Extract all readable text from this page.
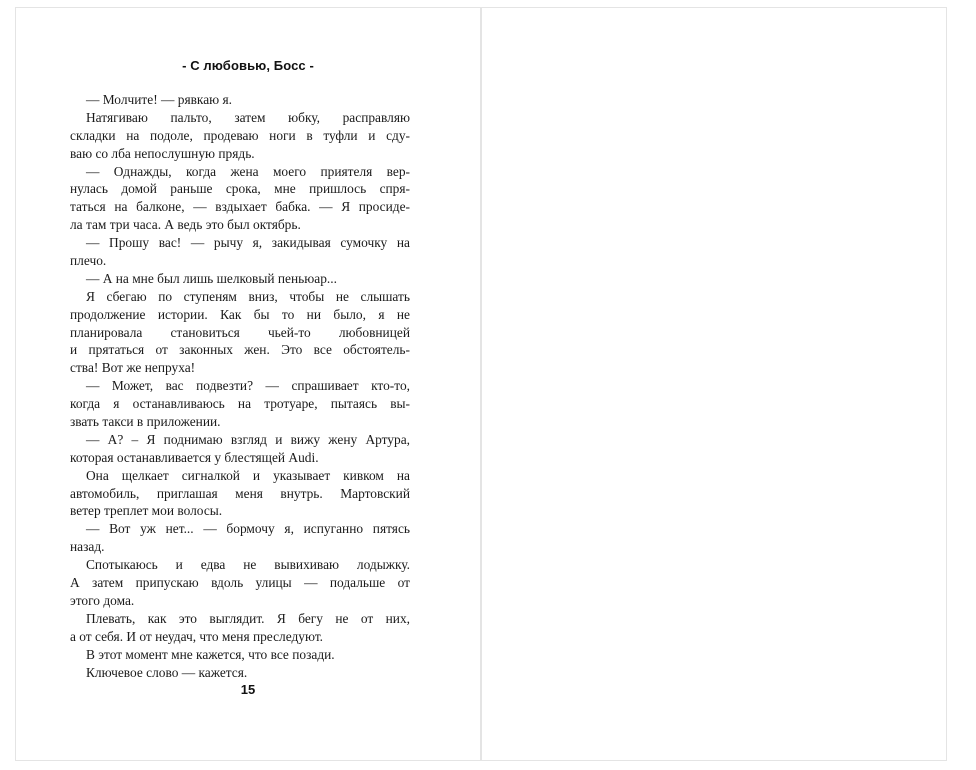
- С любовью, Босс -
— Молчите! — рявкаю я.
Натягиваю пальто, затем юбку, расправляю
складки на подоле, продеваю ноги в туфли и сду-
ваю со лба непослушную прядь.
— Однажды, когда жена моего приятеля вер-
нулась домой раньше срока, мне пришлось спря-
таться на балконе, — вздыхает бабка. — Я просиде-
ла там три часа. А ведь это был октябрь.
— Прошу вас! — рычу я, закидывая сумочку на
плечо.
— А на мне был лишь шелковый пеньюар...
Я сбегаю по ступеням вниз, чтобы не слышать
продолжение истории. Как бы то ни было, я не
планировала становиться чьей-то любовницей
и прятаться от законных жен. Это все обстоятель-
ства! Вот же непруха!
— Может, вас подвезти? — спрашивает кто-то,
когда я останавливаюсь на тротуаре, пытаясь вы-
звать такси в приложении.
— А? – Я поднимаю взгляд и вижу жену Артура,
которая останавливается у блестящей Audi.
Она щелкает сигналкой и указывает кивком на
автомобиль, приглашая меня внутрь. Мартовский
ветер треплет мои волосы.
— Вот уж нет... — бормочу я, испуганно пятясь
назад.
Спотыкаюсь и едва не вывихиваю лодыжку.
А затем припускаю вдоль улицы — подальше от
этого дома.
Плевать, как это выглядит. Я бегу не от них,
а от себя. И от неудач, что меня преследуют.
В этот момент мне кажется, что все позади.
Ключевое слово — кажется.
15
